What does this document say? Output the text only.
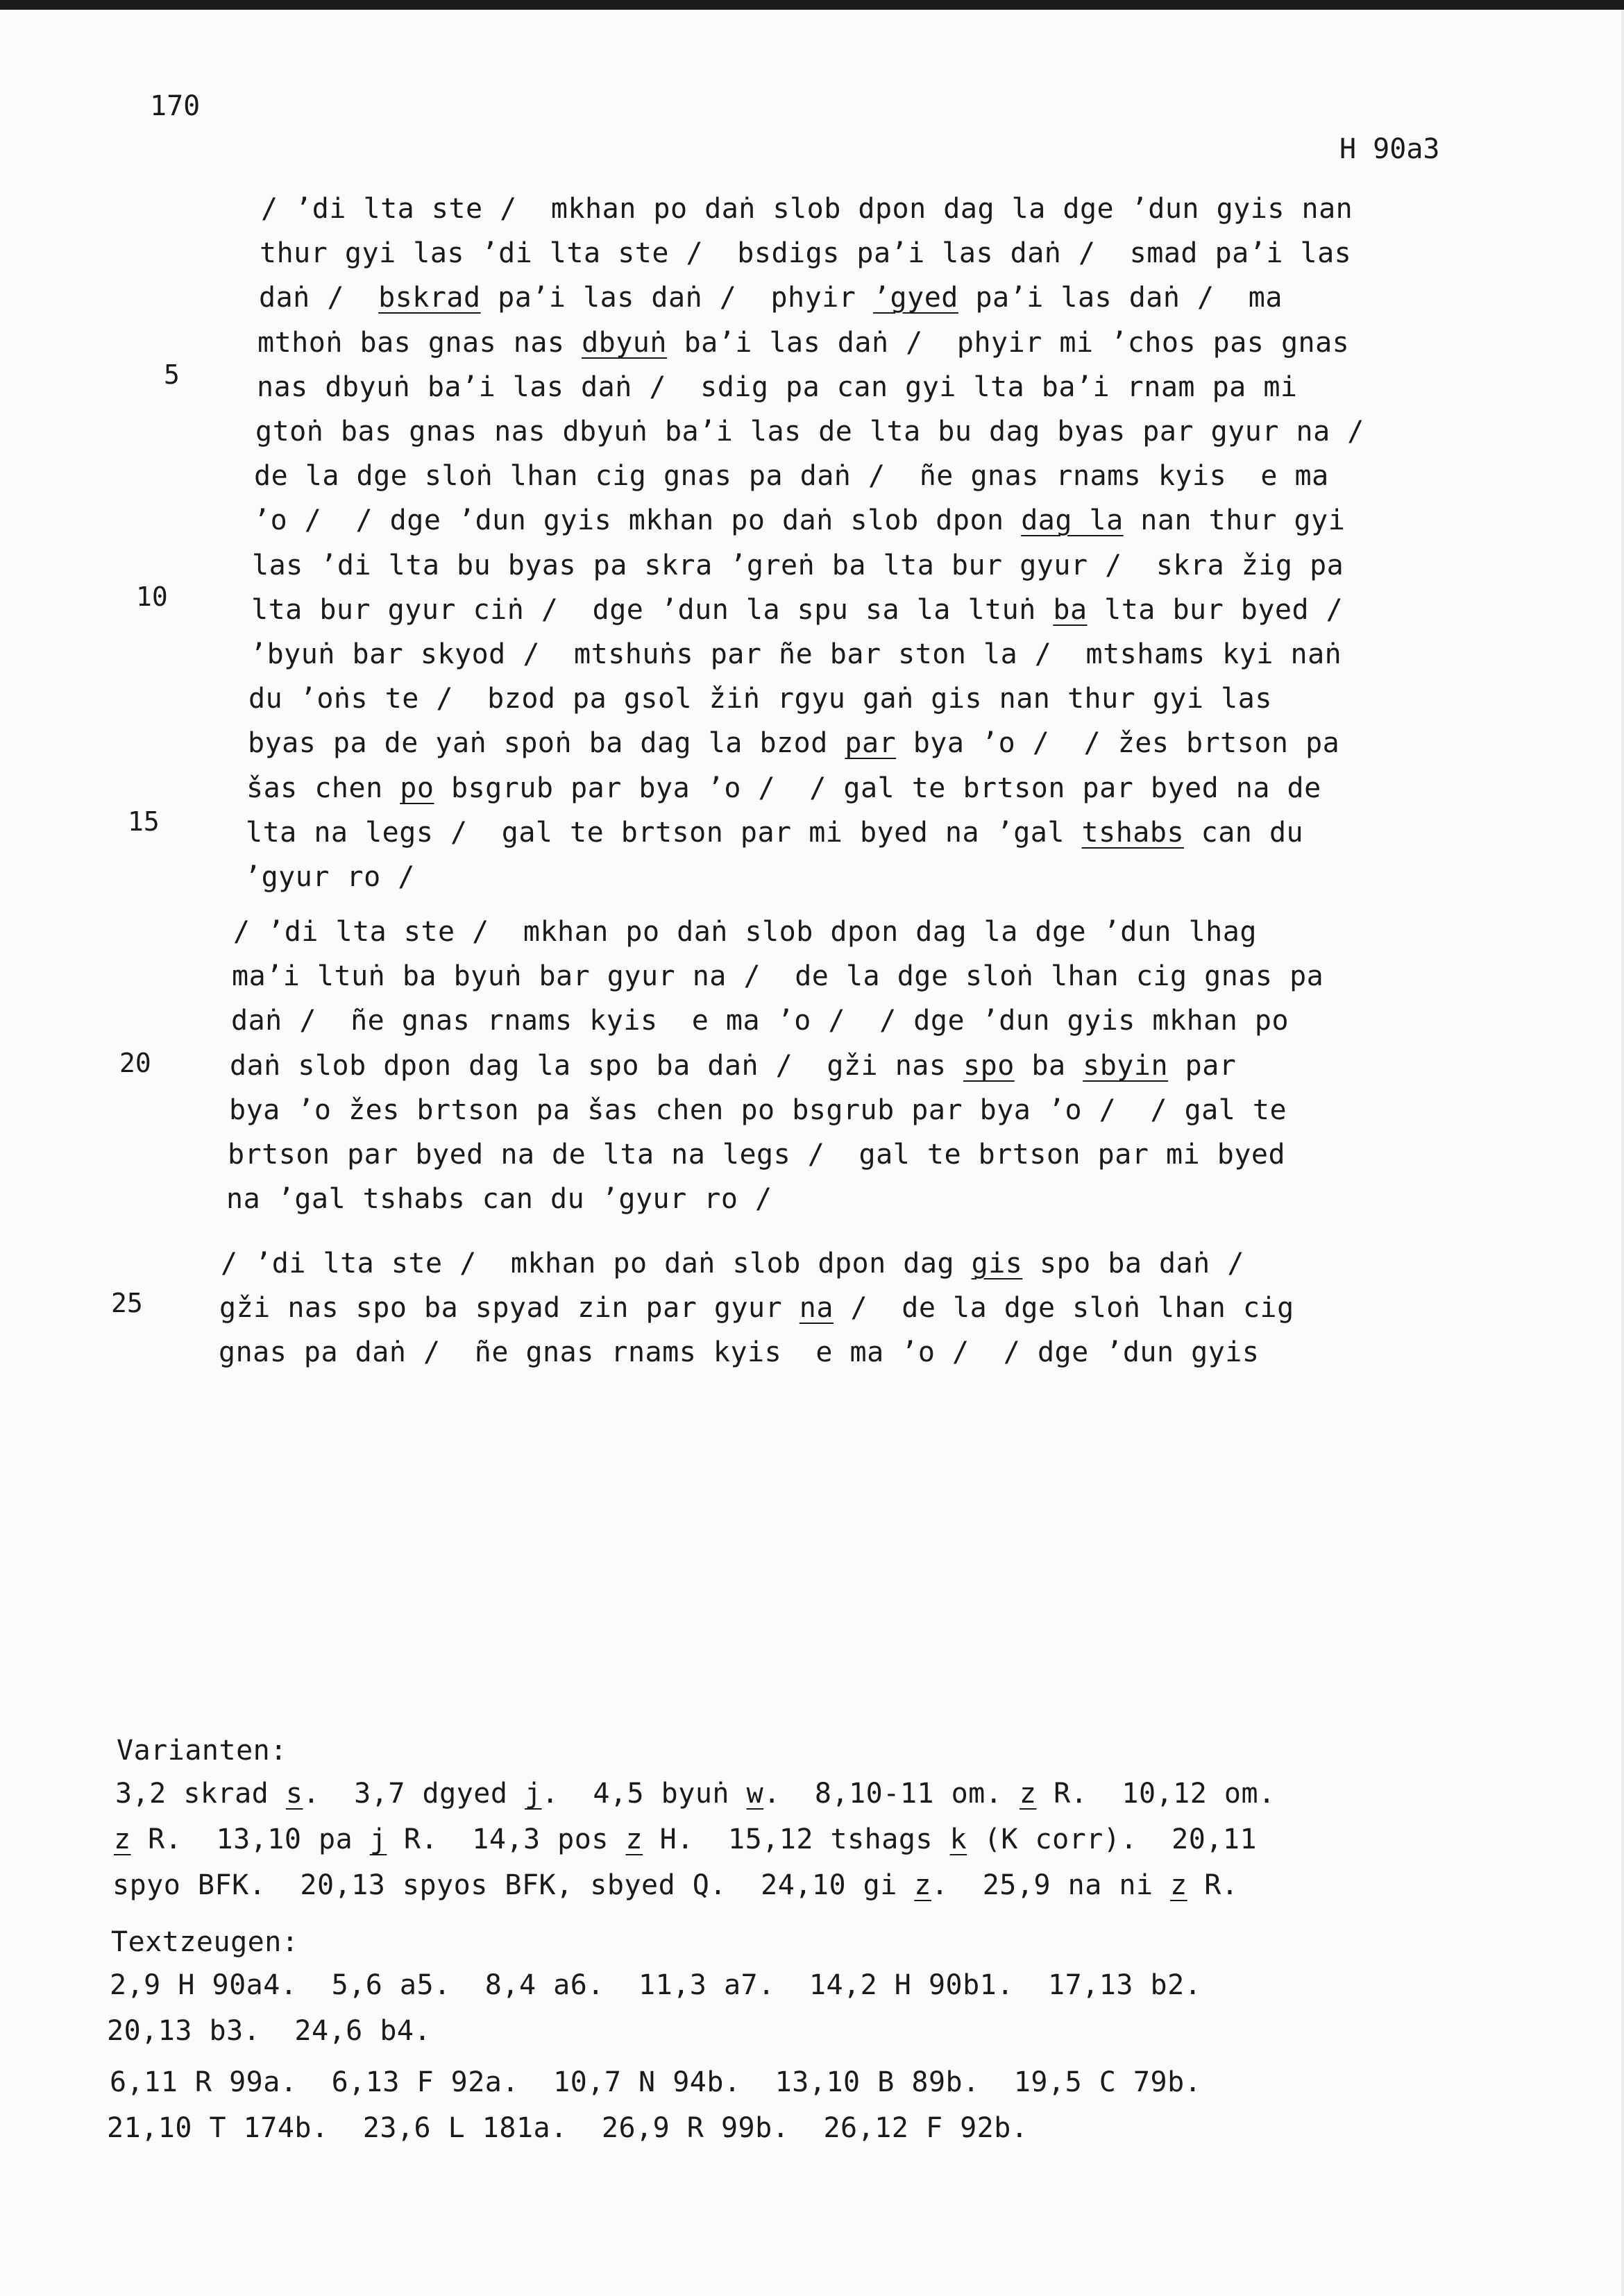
170
H 90a3
5
10
15
20
25
/ ’di lta ste /  mkhan po daṅ slob dpon dag la dge ’dun gyis nan
thur gyi las ’di lta ste /  bsdigs pa’i las daṅ /  smad pa’i las
daṅ /  bskrad pa’i las daṅ /  phyir ’gyed pa’i las daṅ /  ma
mthoṅ bas gnas nas dbyuṅ ba’i las daṅ /  phyir mi ’chos pas gnas
nas dbyuṅ ba’i las daṅ /  sdig pa can gyi lta ba’i rnam pa mi
gtoṅ bas gnas nas dbyuṅ ba’i las de lta bu dag byas par gyur na /
de la dge sloṅ lhan cig gnas pa daṅ /  ñe gnas rnams kyis  e ma
’o /  / dge ’dun gyis mkhan po daṅ slob dpon dag la nan thur gyi
las ’di lta bu byas pa skra ’greṅ ba lta bur gyur /  skra žig pa
lta bur gyur ciṅ /  dge ’dun la spu sa la ltuṅ ba lta bur byed /
’byuṅ bar skyod /  mtshuṅs par ñe bar ston la /  mtshams kyi naṅ
du ’oṅs te /  bzod pa gsol žiṅ rgyu gaṅ gis nan thur gyi las
byas pa de yaṅ spoṅ ba dag la bzod par bya ’o /  / žes brtson pa
šas chen po bsgrub par bya ’o /  / gal te brtson par byed na de
lta na legs /  gal te brtson par mi byed na ’gal tshabs can du
’gyur ro /
/ ’di lta ste /  mkhan po daṅ slob dpon dag la dge ’dun lhag
ma’i ltuṅ ba byuṅ bar gyur na /  de la dge sloṅ lhan cig gnas pa
daṅ /  ñe gnas rnams kyis  e ma ’o /  / dge ’dun gyis mkhan po
daṅ slob dpon dag la spo ba daṅ /  gži nas spo ba sbyin par
bya ’o žes brtson pa šas chen po bsgrub par bya ’o /  / gal te
brtson par byed na de lta na legs /  gal te brtson par mi byed
na ’gal tshabs can du ’gyur ro /
/ ’di lta ste /  mkhan po daṅ slob dpon dag gis spo ba daṅ /
gži nas spo ba spyad zin par gyur na /  de la dge sloṅ lhan cig
gnas pa daṅ /  ñe gnas rnams kyis  e ma ’o /  / dge ’dun gyis
Varianten:
3,2 skrad s.  3,7 dgyed j.  4,5 byuṅ w.  8,10-11 om. z R.  10,12 om.
z R.  13,10 pa j R.  14,3 pos z H.  15,12 tshags k (K corr).  20,11
spyo BFK.  20,13 spyos BFK, sbyed Q.  24,10 gi z.  25,9 na ni z R.
Textzeugen:
2,9 H 90a4.  5,6 a5.  8,4 a6.  11,3 a7.  14,2 H 90b1.  17,13 b2.
20,13 b3.  24,6 b4.
6,11 R 99a.  6,13 F 92a.  10,7 N 94b.  13,10 B 89b.  19,5 C 79b.
21,10 T 174b.  23,6 L 181a.  26,9 R 99b.  26,12 F 92b.
